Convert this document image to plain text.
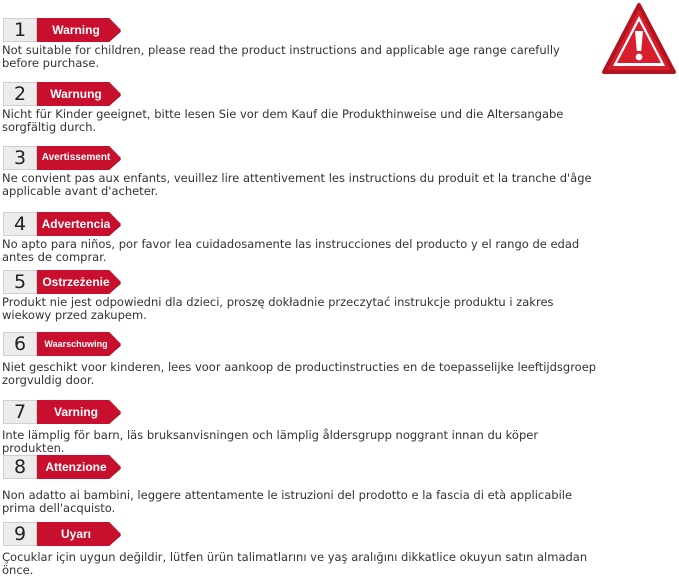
1	Warning
Not suitable for children, please read the product instructions and applicable age range carefully before purchase.
2	Warnung
Nicht für Kinder geeignet, bitte lesen Sie vor dem Kauf die Produkthinweise und die Altersangabe sorgfältig durch.
3	Avertissement
Ne convient pas aux enfants, veuillez lire attentivement les instructions du produit et la tranche d'âge applicable avant d'acheter.
4	Advertencia
No apto para niños, por favor lea cuidadosamente las instrucciones del producto y el rango de edad antes de comprar.
5	Ostrzeżenie
Produkt nie jest odpowiedni dla dzieci, proszę dokładnie przeczytać instrukcje produktu i zakres wiekowy przed zakupem.
6	Waarschuwing
Niet geschikt voor kinderen, lees voor aankoop de productinstructies en de toepasselijke leeftijdsgroep zorgvuldig door.
7	Varning
Inte lämplig för barn, läs bruksanvisningen och lämplig åldersgrupp noggrant innan du köper produkten.
8	Attenzione
Non adatto ai bambini, leggere attentamente le istruzioni del prodotto e la fascia di età applicabile prima dell'acquisto.
9	Uyarı
Çocuklar için uygun değildir, lütfen ürün talimatlarını ve yaş aralığını dikkatlice okuyun satın almadan önce.
